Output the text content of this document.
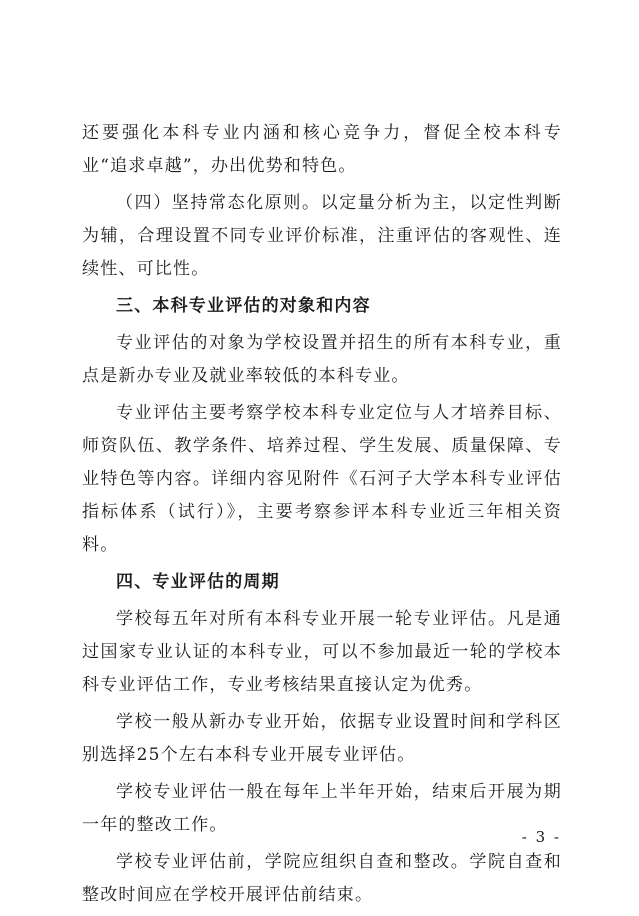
还要强化本科专业内涵和核心竞争力，督促全校本科专业“追求卓越”，办出优势和特色。

（四）坚持常态化原则。以定量分析为主，以定性判断为辅，合理设置不同专业评价标准，注重评估的客观性、连续性、可比性。

三、本科专业评估的对象和内容

专业评估的对象为学校设置并招生的所有本科专业，重点是新办专业及就业率较低的本科专业。

专业评估主要考察学校本科专业定位与人才培养目标、师资队伍、教学条件、培养过程、学生发展、质量保障、专业特色等内容。详细内容见附件《石河子大学本科专业评估指标体系（试行）》，主要考察参评本科专业近三年相关资料。

四、专业评估的周期

学校每五年对所有本科专业开展一轮专业评估。凡是通过国家专业认证的本科专业，可以不参加最近一轮的学校本科专业评估工作，专业考核结果直接认定为优秀。

学校一般从新办专业开始，依据专业设置时间和学科区别选择25个左右本科专业开展专业评估。

学校专业评估一般在每年上半年开始，结束后开展为期一年的整改工作。

学校专业评估前，学院应组织自查和整改。学院自查和整改时间应在学校开展评估前结束。

- 3 -
